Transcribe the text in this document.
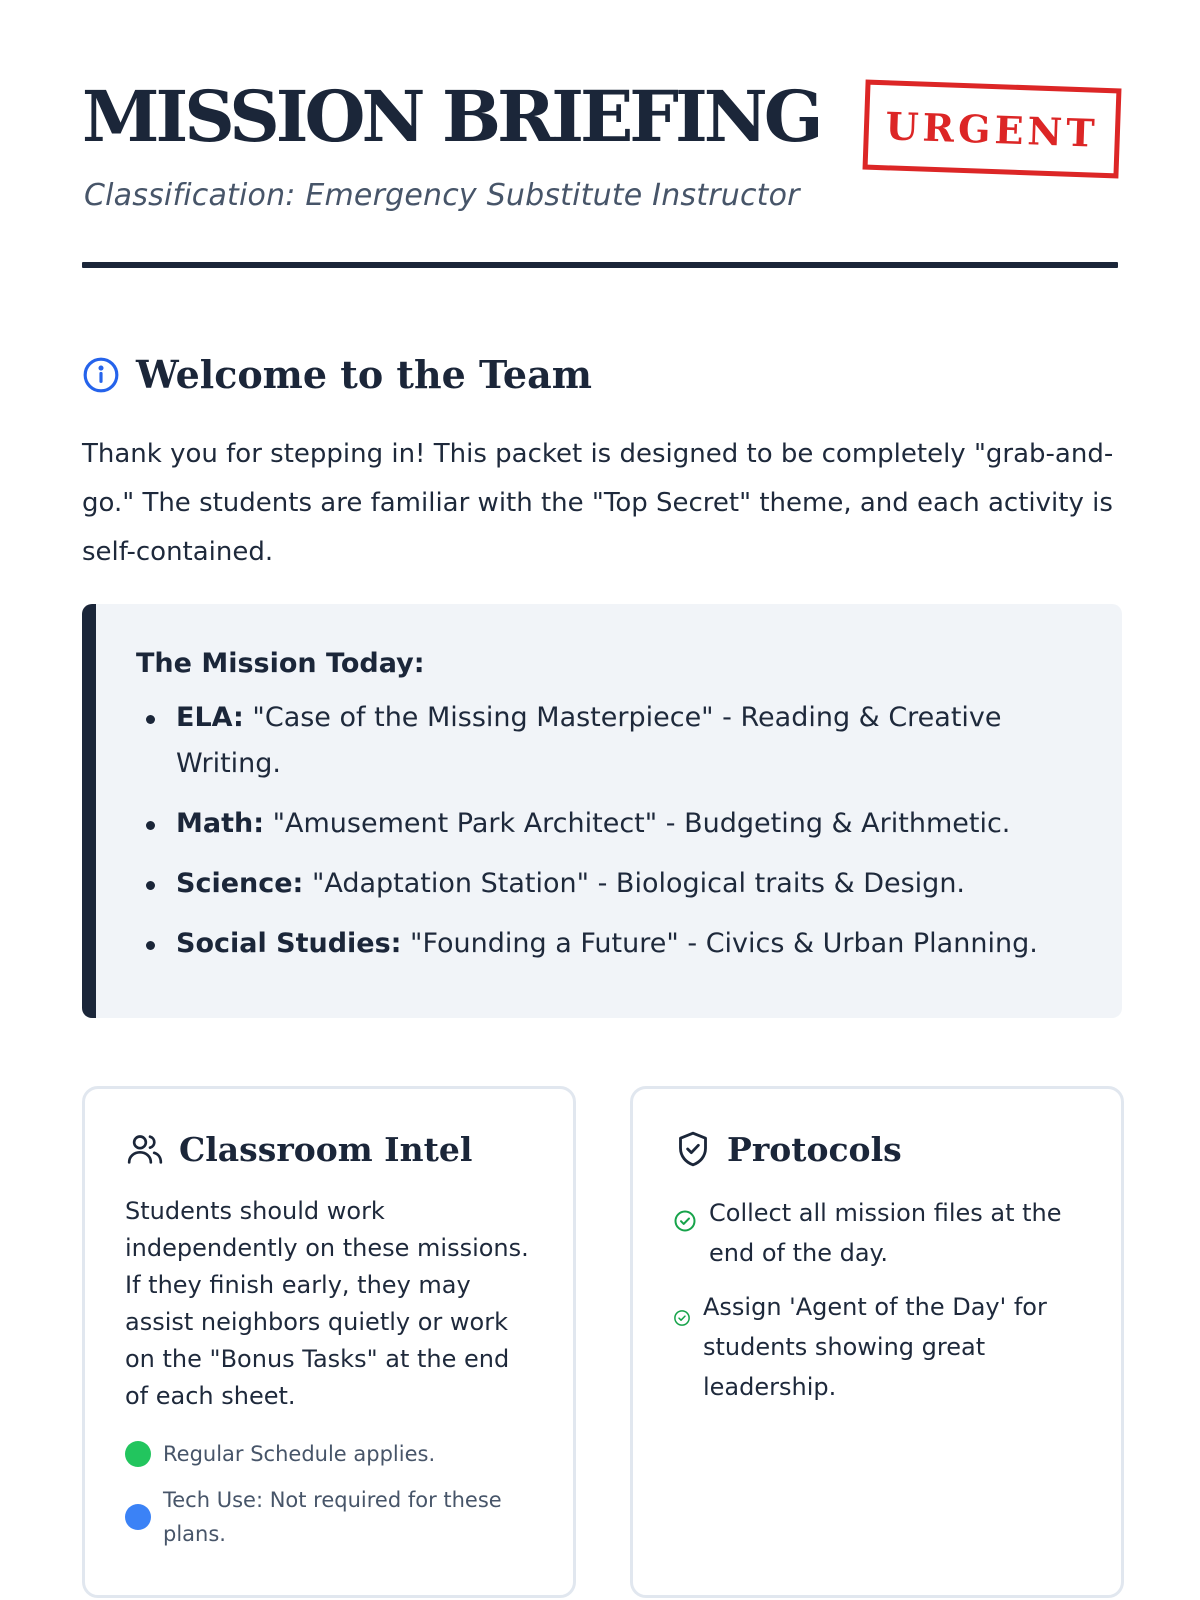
MISSION BRIEFING
Classification: Emergency Substitute Instructor
URGENT
Welcome to the Team

Thank you for stepping in! This packet is designed to be completely "grab-and-go." The students are familiar with the "Top Secret" theme, and each activity is self-contained.

The Mission Today:
ELA: "Case of the Missing Masterpiece" - Reading & Creative Writing.
Math: "Amusement Park Architect" - Budgeting & Arithmetic.
Science: "Adaptation Station" - Biological traits & Design.
Social Studies: "Founding a Future" - Civics & Urban Planning.
Classroom Intel

Students should work independently on these missions. If they finish early, they may assist neighbors quietly or work on the "Bonus Tasks" at the end of each sheet.

Regular Schedule applies.
Tech Use: Not required for these plans.
Protocols
Collect all mission files at the end of the day.
Assign 'Agent of the Day' for students showing great leadership.
